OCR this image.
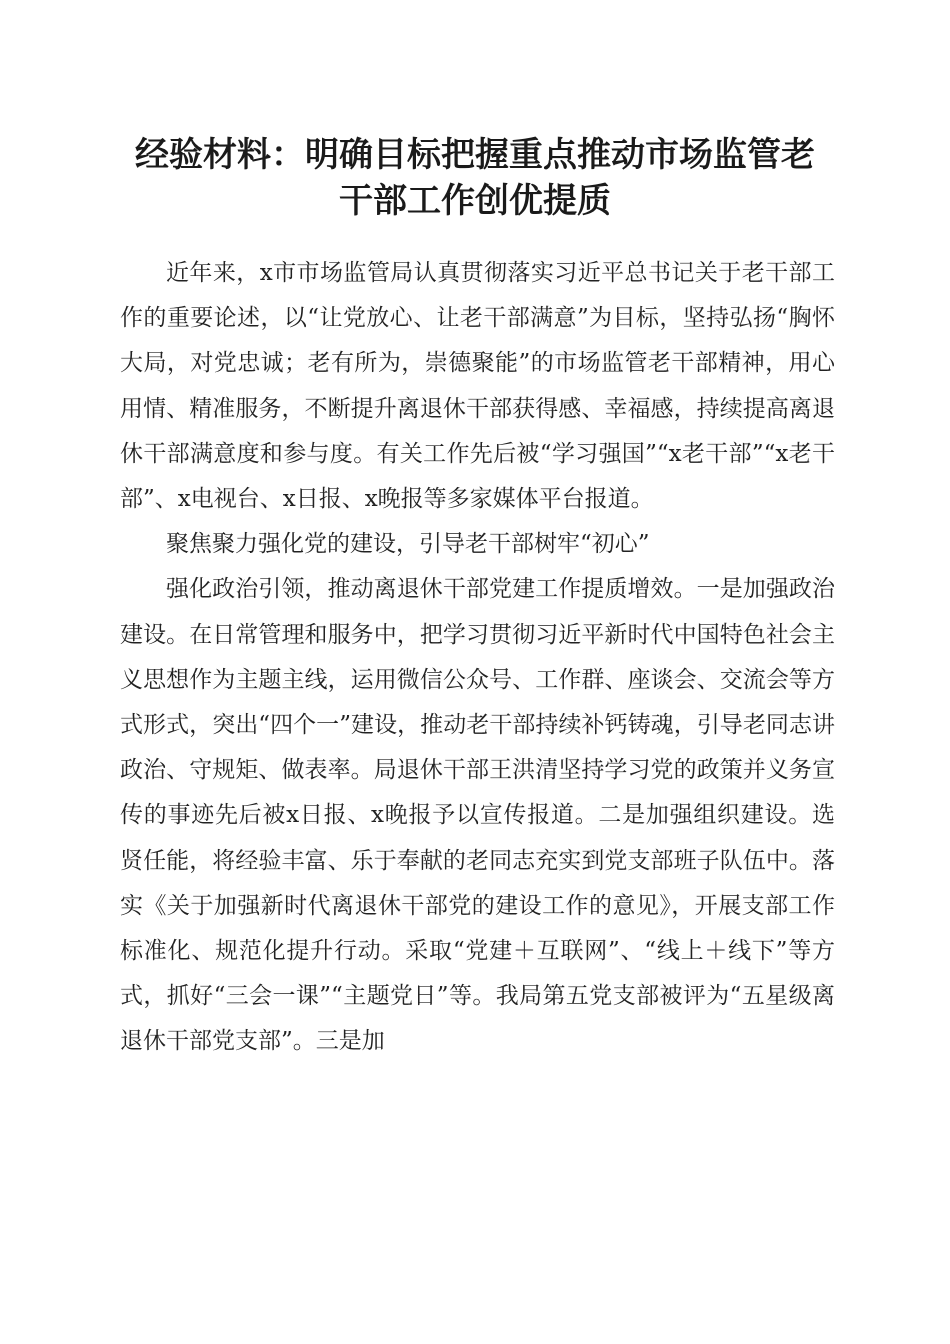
经验材料：明确目标把握重点推动市场监管老
干部工作创优提质

近年来，x市市场监管局认真贯彻落实习近平总书记关于老干部工作的重要论述，以“让党放心、让老干部满意”为目标，坚持弘扬“胸怀大局，对党忠诚；老有所为，崇德聚能”的市场监管老干部精神，用心用情、精准服务，不断提升离退休干部获得感、幸福感，持续提高离退休干部满意度和参与度。有关工作先后被“学习强国”“x老干部”“x老干部”、x电视台、x日报、x晚报等多家媒体平台报道。

聚焦聚力强化党的建设，引导老干部树牢“初心”

强化政治引领，推动离退休干部党建工作提质增效。一是加强政治建设。在日常管理和服务中，把学习贯彻习近平新时代中国特色社会主义思想作为主题主线，运用微信公众号、工作群、座谈会、交流会等方式形式，突出“四个一”建设，推动老干部持续补钙铸魂，引导老同志讲政治、守规矩、做表率。局退休干部王洪清坚持学习党的政策并义务宣传的事迹先后被x日报、x晚报予以宣传报道。二是加强组织建设。选贤任能，将经验丰富、乐于奉献的老同志充实到党支部班子队伍中。落实《关于加强新时代离退休干部党的建设工作的意见》，开展支部工作标准化、规范化提升行动。采取“党建＋互联网”、“线上＋线下”等方式，抓好“三会一课”“主题党日”等。我局第五党支部被评为“五星级离退休干部党支部”。三是加
